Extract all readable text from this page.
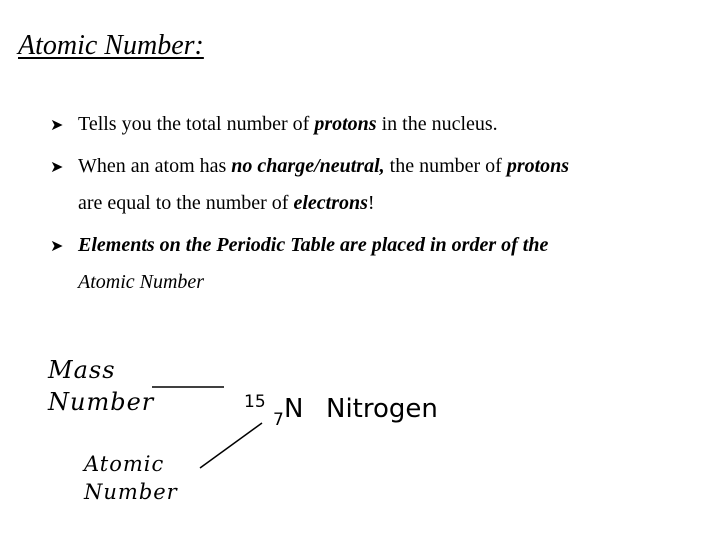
Atomic Number:
➤ Tells you the total number of protons in the nucleus.
➤ When an atom has no charge/neutral, the number of protons
are equal to the number of electrons!
➤ Elements on the Periodic Table are placed in order of the
Atomic Number
Mass
Number
Atomic
Number
15
7 N Nitrogen
